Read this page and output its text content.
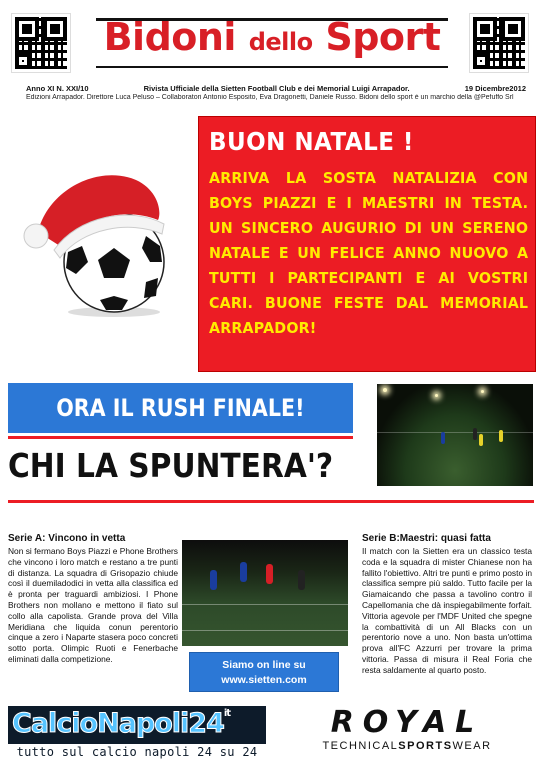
Bidoni dello Sport
Anno XI N. XXI/10	Rivista Ufficiale della Sietten Football Club e dei Memorial Luigi Arrapador.	19 Dicembre2012
Edizioni Arrapador. Direttore Luca Peluso – Collaboratori Antonio Esposito, Eva Dragonetti, Daniele Russo. Bidoni dello sport è un marchio della @Pefuffo Srl
BUON NATALE !

ARRIVA LA SOSTA NATALIZIA CON BOYS PIAZZI E I MAESTRI IN TESTA. UN SINCERO AUGURIO DI UN SERENO NATALE E UN FELICE ANNO NUOVO A TUTTI I PARTECIPANTI E AI VOSTRI CARI. BUONE FESTE DAL MEMORIAL ARRAPADOR!

ORA IL RUSH FINALE!
CHI LA SPUNTERA'?
Serie A: Vincono in vetta

Non si fermano Boys Piazzi e Phone Brothers che vincono i loro match e restano a tre punti di distanza. La squadra di Grisopazio chiude così il duemiladodici in vetta alla classifica ed è pronta per traguardi ambiziosi. I Phone Brothers non mollano e mettono il fiato sul collo alla capolista. Grande prova del Villa Meridiana che liquida conun perentorio cinque a zero i Naparte stasera poco concreti sotto porta. Olimpic Ruoti e Fenerbache eliminati dalla competizione.

Siamo on line su
www.sietten.com
Serie B:Maestri: quasi fatta

Il match con la Sietten era un classico testa coda e la squadra di mister Chianese non ha fallito l'obiettivo. Altri tre punti e primo posto in classifica sempre più saldo. Tutto facile per la Giamaicando che passa a tavolino contro il Capellomania che dà inspiegabilmente forfait. Vittoria agevole per l'MDF United che spegne la combattività di un All Blacks con un perentorio nove a uno. Non basta un'ottima prova all'FC Azzurri per trovare la prima vittoria. Passa di misura il Real Foria che resta saldamente al quarto posto.

$CalcioNapoli24^{it}$
tutto sul calcio napoli 24 su 24
ROYAL
TECHNICALSPORTSWEAR
